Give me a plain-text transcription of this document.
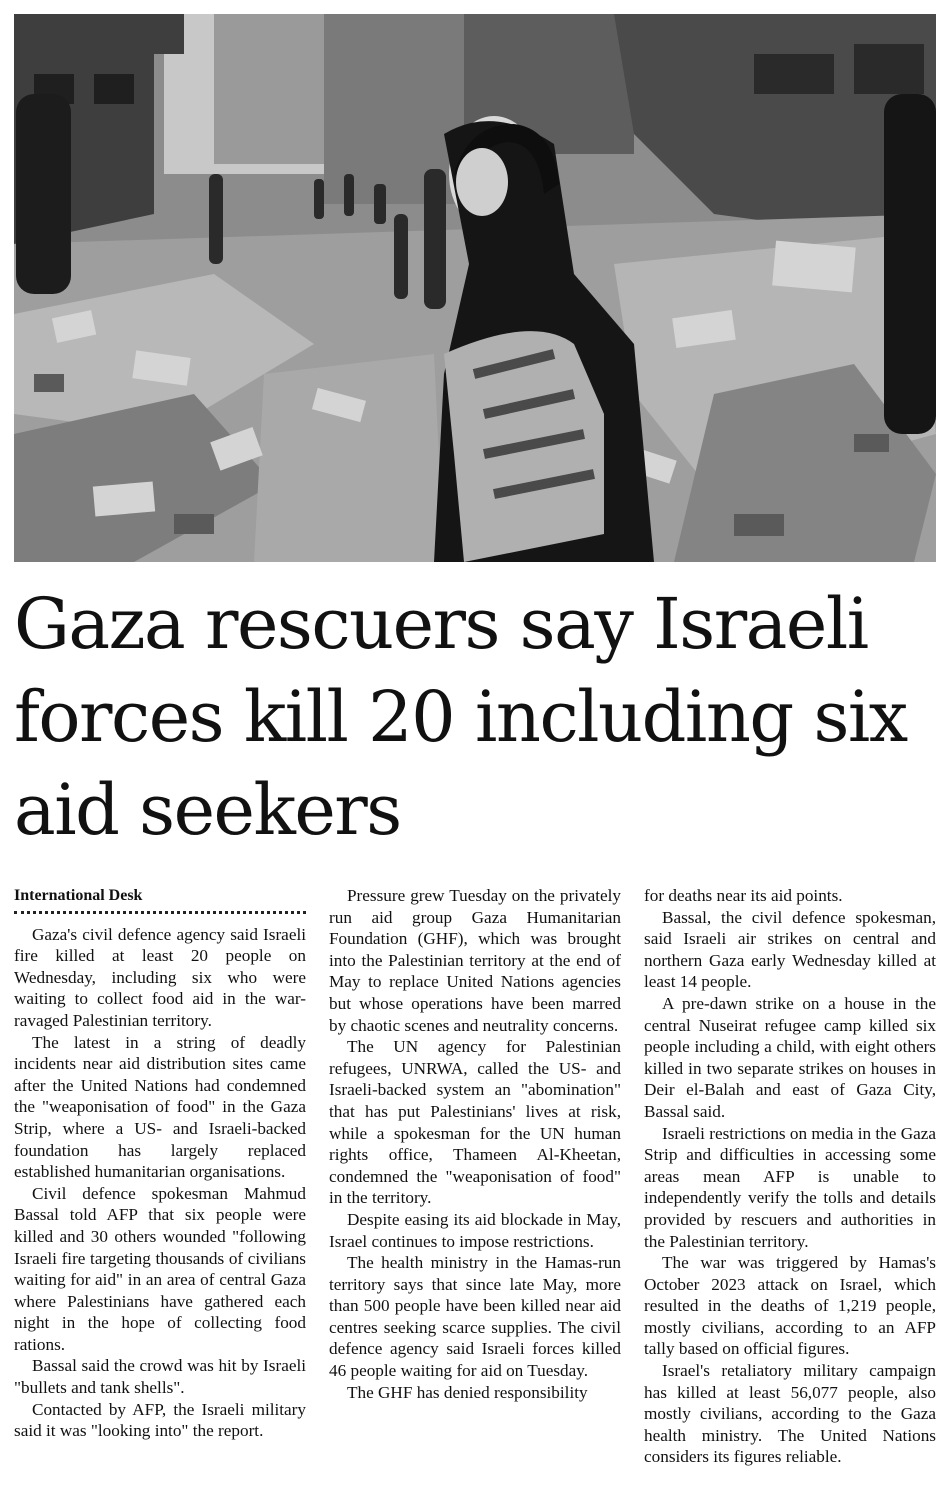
Gaza rescuers say Israeli forces kill 20 including six aid seekers
International Desk

Gaza's civil defence agency said Israeli fire killed at least 20 people on Wednesday, including six who were waiting to collect food aid in the war-ravaged Palestinian territory.

The latest in a string of deadly incidents near aid distribution sites came after the United Nations had condemned the "weaponisation of food" in the Gaza Strip, where a US- and Israeli-backed foundation has largely replaced established humanitarian organisations.

Civil defence spokesman Mahmud Bassal told AFP that six people were killed and 30 others wounded "following Israeli fire targeting thousands of civilians waiting for aid" in an area of central Gaza where Palestinians have gathered each night in the hope of collecting food rations.

Bassal said the crowd was hit by Israeli "bullets and tank shells".

Contacted by AFP, the Israeli military said it was "looking into" the report.

Pressure grew Tuesday on the privately run aid group Gaza Humanitarian Foundation (GHF), which was brought into the Palestinian territory at the end of May to replace United Nations agencies but whose operations have been marred by chaotic scenes and neutrality concerns.

The UN agency for Palestinian refugees, UNRWA, called the US- and Israeli-backed system an "abomination" that has put Palestinians' lives at risk, while a spokesman for the UN human rights office, Thameen Al-Kheetan, condemned the "weaponisation of food" in the territory.

Despite easing its aid blockade in May, Israel continues to impose restrictions.

The health ministry in the Hamas-run territory says that since late May, more than 500 people have been killed near aid centres seeking scarce supplies. The civil defence agency said Israeli forces killed 46 people waiting for aid on Tuesday.

The GHF has denied responsibility

for deaths near its aid points.

Bassal, the civil defence spokesman, said Israeli air strikes on central and northern Gaza early Wednesday killed at least 14 people.

A pre-dawn strike on a house in the central Nuseirat refugee camp killed six people including a child, with eight others killed in two separate strikes on houses in Deir el-Balah and east of Gaza City, Bassal said.

Israeli restrictions on media in the Gaza Strip and difficulties in accessing some areas mean AFP is unable to independently verify the tolls and details provided by rescuers and authorities in the Palestinian territory.

The war was triggered by Hamas's October 2023 attack on Israel, which resulted in the deaths of 1,219 people, mostly civilians, according to an AFP tally based on official figures.

Israel's retaliatory military campaign has killed at least 56,077 people, also mostly civilians, according to the Gaza health ministry. The United Nations considers its figures reliable.
